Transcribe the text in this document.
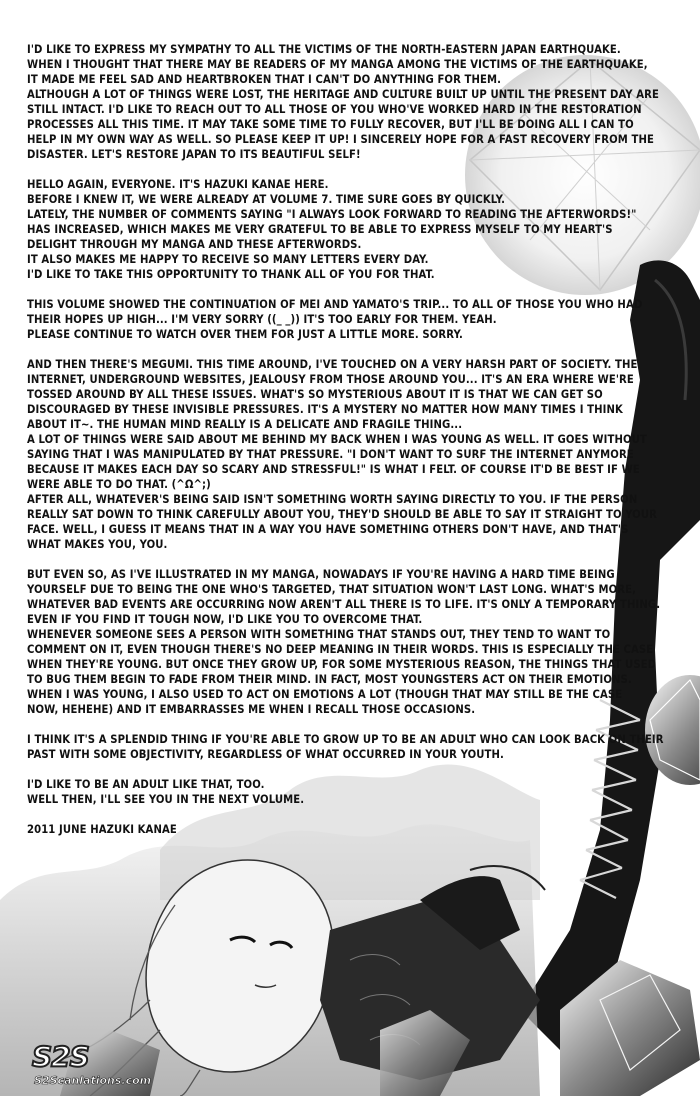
I'D LIKE TO EXPRESS MY SYMPATHY TO ALL THE VICTIMS OF THE NORTH-EASTERN JAPAN EARTHQUAKE.
WHEN I THOUGHT THAT THERE MAY BE READERS OF MY MANGA AMONG THE VICTIMS OF THE EARTHQUAKE,
IT MADE ME FEEL SAD AND HEARTBROKEN THAT I CAN'T DO ANYTHING FOR THEM.
ALTHOUGH A LOT OF THINGS WERE LOST, THE HERITAGE AND CULTURE BUILT UP UNTIL THE PRESENT DAY ARE
STILL INTACT. I'D LIKE TO REACH OUT TO ALL THOSE OF YOU WHO'VE WORKED HARD IN THE RESTORATION
PROCESSES ALL THIS TIME. IT MAY TAKE SOME TIME TO FULLY RECOVER, BUT I'LL BE DOING ALL I CAN TO
HELP IN MY OWN WAY AS WELL. SO PLEASE KEEP IT UP! I SINCERELY HOPE FOR A FAST RECOVERY FROM THE
DISASTER. LET'S RESTORE JAPAN TO ITS BEAUTIFUL SELF!
HELLO AGAIN, EVERYONE. IT'S HAZUKI KANAE HERE.
BEFORE I KNEW IT, WE WERE ALREADY AT VOLUME 7. TIME SURE GOES BY QUICKLY.
LATELY, THE NUMBER OF COMMENTS SAYING "I ALWAYS LOOK FORWARD TO READING THE AFTERWORDS!"
HAS INCREASED, WHICH MAKES ME VERY GRATEFUL TO BE ABLE TO EXPRESS MYSELF TO MY HEART'S
DELIGHT THROUGH MY MANGA AND THESE AFTERWORDS.
IT ALSO MAKES ME HAPPY TO RECEIVE SO MANY LETTERS EVERY DAY.
I'D LIKE TO TAKE THIS OPPORTUNITY TO THANK ALL OF YOU FOR THAT.
THIS VOLUME SHOWED THE CONTINUATION OF MEI AND YAMATO'S TRIP... TO ALL OF THOSE YOU WHO HAD
THEIR HOPES UP HIGH... I'M VERY SORRY ((_ _)) IT'S TOO EARLY FOR THEM. YEAH.
PLEASE CONTINUE TO WATCH OVER THEM FOR JUST A LITTLE MORE. SORRY.
AND THEN THERE'S MEGUMI. THIS TIME AROUND, I'VE TOUCHED ON A VERY HARSH PART OF SOCIETY. THE
INTERNET, UNDERGROUND WEBSITES, JEALOUSY FROM THOSE AROUND YOU... IT'S AN ERA WHERE WE'RE
TOSSED AROUND BY ALL THESE ISSUES. WHAT'S SO MYSTERIOUS ABOUT IT IS THAT WE CAN GET SO
DISCOURAGED BY THESE INVISIBLE PRESSURES. IT'S A MYSTERY NO MATTER HOW MANY TIMES I THINK
ABOUT IT~. THE HUMAN MIND REALLY IS A DELICATE AND FRAGILE THING...
A LOT OF THINGS WERE SAID ABOUT ME BEHIND MY BACK WHEN I WAS YOUNG AS WELL. IT GOES WITHOUT
SAYING THAT I WAS MANIPULATED BY THAT PRESSURE. "I DON'T WANT TO SURF THE INTERNET ANYMORE
BECAUSE IT MAKES EACH DAY SO SCARY AND STRESSFUL!" IS WHAT I FELT. OF COURSE IT'D BE BEST IF WE
WERE ABLE TO DO THAT. (^Ω^;)
AFTER ALL, WHATEVER'S BEING SAID ISN'T SOMETHING WORTH SAYING DIRECTLY TO YOU. IF THE PERSON
REALLY SAT DOWN TO THINK CAREFULLY ABOUT YOU, THEY'D SHOULD BE ABLE TO SAY IT STRAIGHT TO YOUR
FACE. WELL, I GUESS IT MEANS THAT IN A WAY YOU HAVE SOMETHING OTHERS DON'T HAVE, AND THAT'S
WHAT MAKES YOU, YOU.
BUT EVEN SO, AS I'VE ILLUSTRATED IN MY MANGA, NOWADAYS IF YOU'RE HAVING A HARD TIME BEING
YOURSELF DUE TO BEING THE ONE WHO'S TARGETED, THAT SITUATION WON'T LAST LONG. WHAT'S MORE,
WHATEVER BAD EVENTS ARE OCCURRING NOW AREN'T ALL THERE IS TO LIFE. IT'S ONLY A TEMPORARY THING.
EVEN IF YOU FIND IT TOUGH NOW, I'D LIKE YOU TO OVERCOME THAT.
WHENEVER SOMEONE SEES A PERSON WITH SOMETHING THAT STANDS OUT, THEY TEND TO WANT TO
COMMENT ON IT, EVEN THOUGH THERE'S NO DEEP MEANING IN THEIR WORDS. THIS IS ESPECIALLY THE CASE
WHEN THEY'RE YOUNG. BUT ONCE THEY GROW UP, FOR SOME MYSTERIOUS REASON, THE THINGS THAT USED
TO BUG THEM BEGIN TO FADE FROM THEIR MIND. IN FACT, MOST YOUNGSTERS ACT ON THEIR EMOTIONS.
WHEN I WAS YOUNG, I ALSO USED TO ACT ON EMOTIONS A LOT (THOUGH THAT MAY STILL BE THE CASE
NOW, HEHEHE) AND IT EMBARRASSES ME WHEN I RECALL THOSE OCCASIONS.
I THINK IT'S A SPLENDID THING IF YOU'RE ABLE TO GROW UP TO BE AN ADULT WHO CAN LOOK BACK ON THEIR
PAST WITH SOME OBJECTIVITY, REGARDLESS OF WHAT OCCURRED IN YOUR YOUTH.
I'D LIKE TO BE AN ADULT LIKE THAT, TOO.
WELL THEN, I'LL SEE YOU IN THE NEXT VOLUME.
2011 JUNE HAZUKI KANAE
S2S
S2Scanlations.com
